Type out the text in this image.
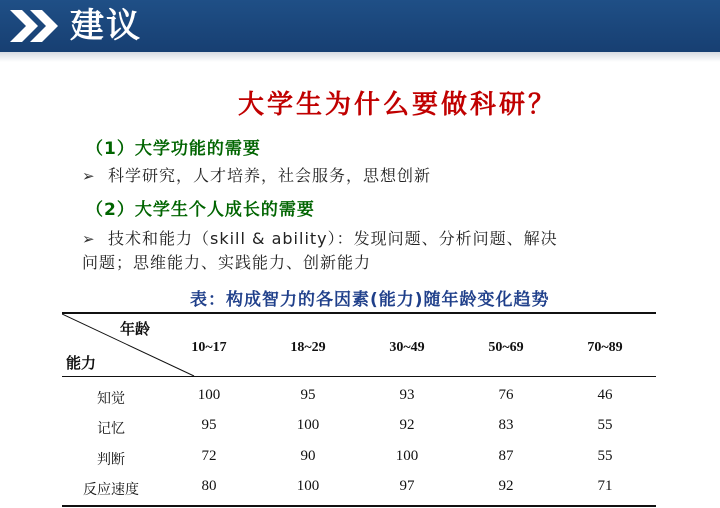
建议
大学生为什么要做科研？
（1）大学功能的需要
➢ 科学研究，人才培养，社会服务，思想创新
（2）大学生个人成长的需要
➢ 技术和能力（skill & ability）：发现问题、分析问题、解决
问题；思维能力、实践能力、创新能力
表：构成智力的各因素(能力)随年龄变化趋势
年龄
能力
10~17	18~29	30~49	50~69	70~89
知觉	100	95	93	76	46
记忆	95	100	92	83	55
判断	72	90	100	87	55
反应速度	80	100	97	92	71
